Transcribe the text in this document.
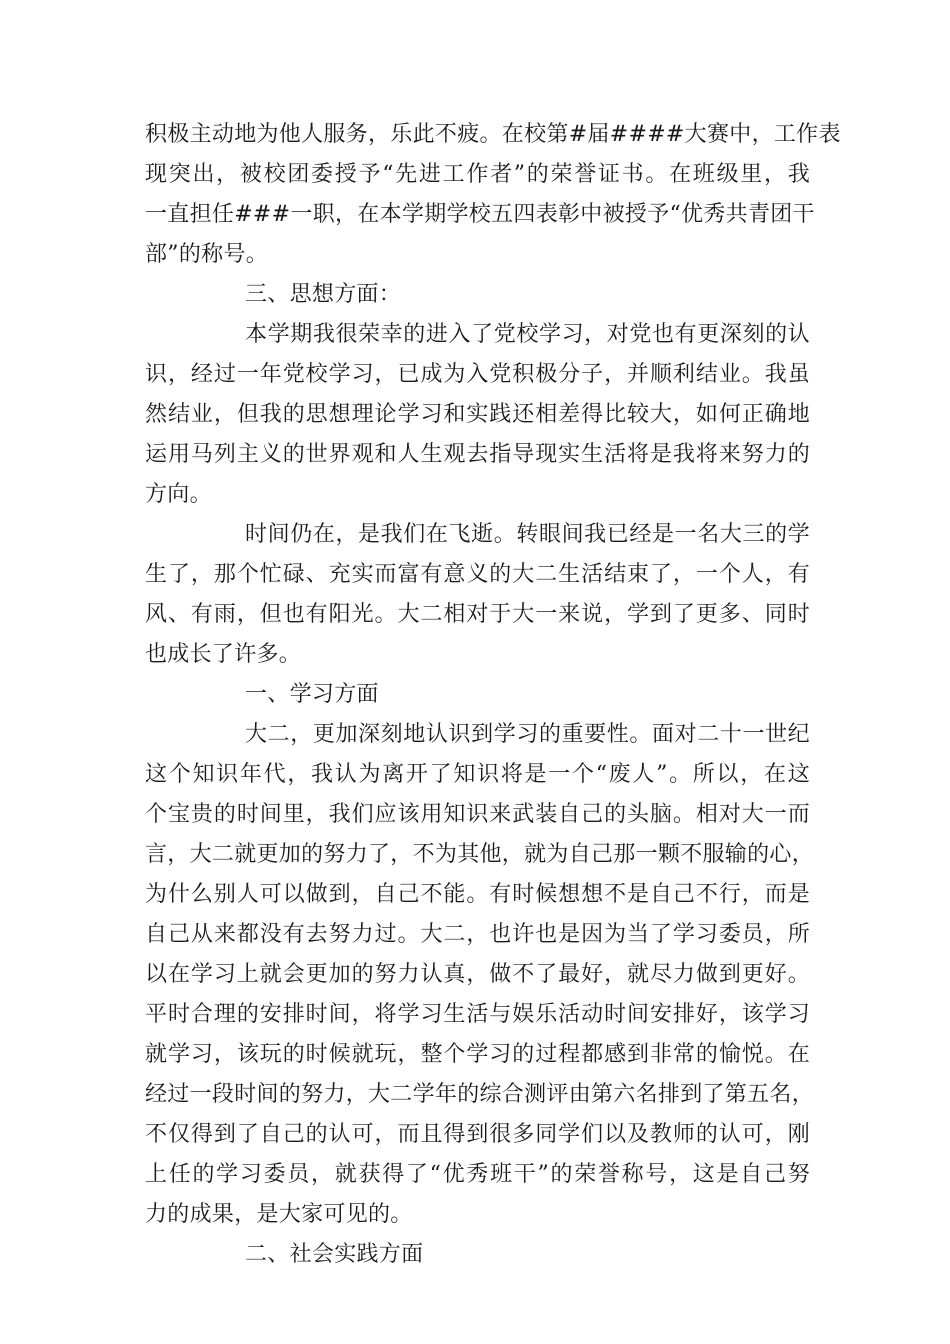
积极主动地为他人服务，乐此不疲。在校第#届####大赛中，工作表
现突出，被校团委授予“先进工作者”的荣誉证书。在班级里，我
一直担任###一职，在本学期学校五四表彰中被授予“优秀共青团干
部”的称号。
三、思想方面：
本学期我很荣幸的进入了党校学习，对党也有更深刻的认
识，经过一年党校学习，已成为入党积极分子，并顺利结业。我虽
然结业，但我的思想理论学习和实践还相差得比较大，如何正确地
运用马列主义的世界观和人生观去指导现实生活将是我将来努力的
方向。
时间仍在，是我们在飞逝。转眼间我已经是一名大三的学
生了，那个忙碌、充实而富有意义的大二生活结束了，一个人，有
风、有雨，但也有阳光。大二相对于大一来说，学到了更多、同时
也成长了许多。
一、学习方面
大二，更加深刻地认识到学习的重要性。面对二十一世纪
这个知识年代，我认为离开了知识将是一个“废人”。所以，在这
个宝贵的时间里，我们应该用知识来武装自己的头脑。相对大一而
言，大二就更加的努力了，不为其他，就为自己那一颗不服输的心，
为什么别人可以做到，自己不能。有时候想想不是自己不行，而是
自己从来都没有去努力过。大二，也许也是因为当了学习委员，所
以在学习上就会更加的努力认真，做不了最好，就尽力做到更好。
平时合理的安排时间，将学习生活与娱乐活动时间安排好，该学习
就学习，该玩的时候就玩，整个学习的过程都感到非常的愉悦。在
经过一段时间的努力，大二学年的综合测评由第六名排到了第五名，
不仅得到了自己的认可，而且得到很多同学们以及教师的认可，刚
上任的学习委员，就获得了“优秀班干”的荣誉称号，这是自己努
力的成果，是大家可见的。
二、社会实践方面
